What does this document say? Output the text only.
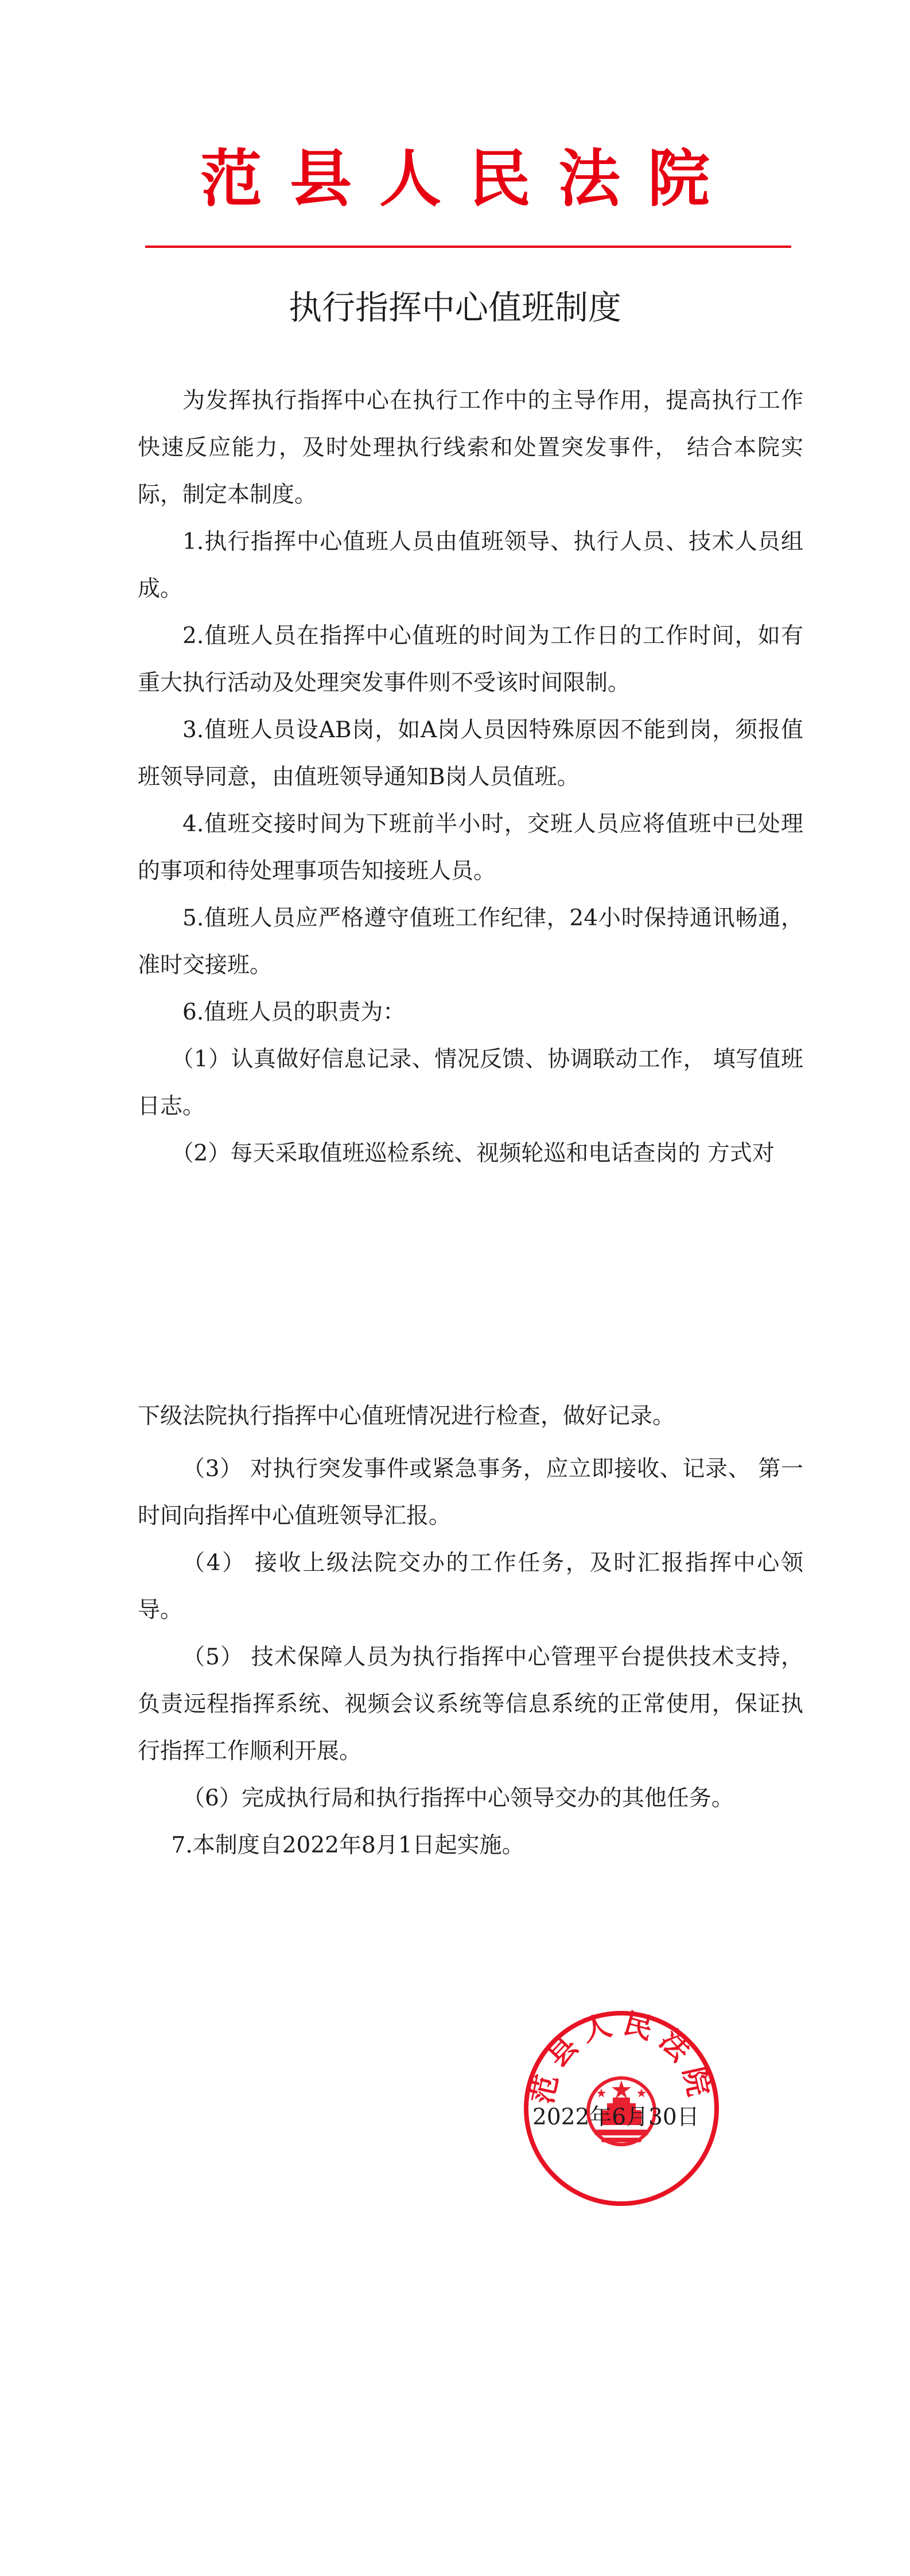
范县人民法院
执行指挥中心值班制度

为发挥执行指挥中心在执行工作中的主导作用，提高执行工作快速反应能力，及时处理执行线索和处置突发事件， 结合本院实际，制定本制度。

1.执行指挥中心值班人员由值班领导、执行人员、技术人员组成。

2.值班人员在指挥中心值班的时间为工作日的工作时间，如有重大执行活动及处理突发事件则不受该时间限制。

3.值班人员设AB岗，如A岗人员因特殊原因不能到岗，须报值班领导同意，由值班领导通知B岗人员值班。

4.值班交接时间为下班前半小时，交班人员应将值班中已处理的事项和待处理事项告知接班人员。

5.值班人员应严格遵守值班工作纪律，24小时保持通讯畅通，准时交接班。

6.值班人员的职责为：

（1）认真做好信息记录、情况反馈、协调联动工作， 填写值班日志。

（2）每天采取值班巡检系统、视频轮巡和电话查岗的 方式对

下级法院执行指挥中心值班情况进行检查，做好记录。

（3） 对执行突发事件或紧急事务，应立即接收、记录、 第一时间向指挥中心值班领导汇报。

（4） 接收上级法院交办的工作任务，及时汇报指挥中心领导。

（5） 技术保障人员为执行指挥中心管理平台提供技术支持，负责远程指挥系统、视频会议系统等信息系统的正常使用，保证执行指挥工作顺利开展。

（6）完成执行局和执行指挥中心领导交办的其他任务。

7.本制度自2022年8月1日起实施。

范县人民法院
2022年6月30日
